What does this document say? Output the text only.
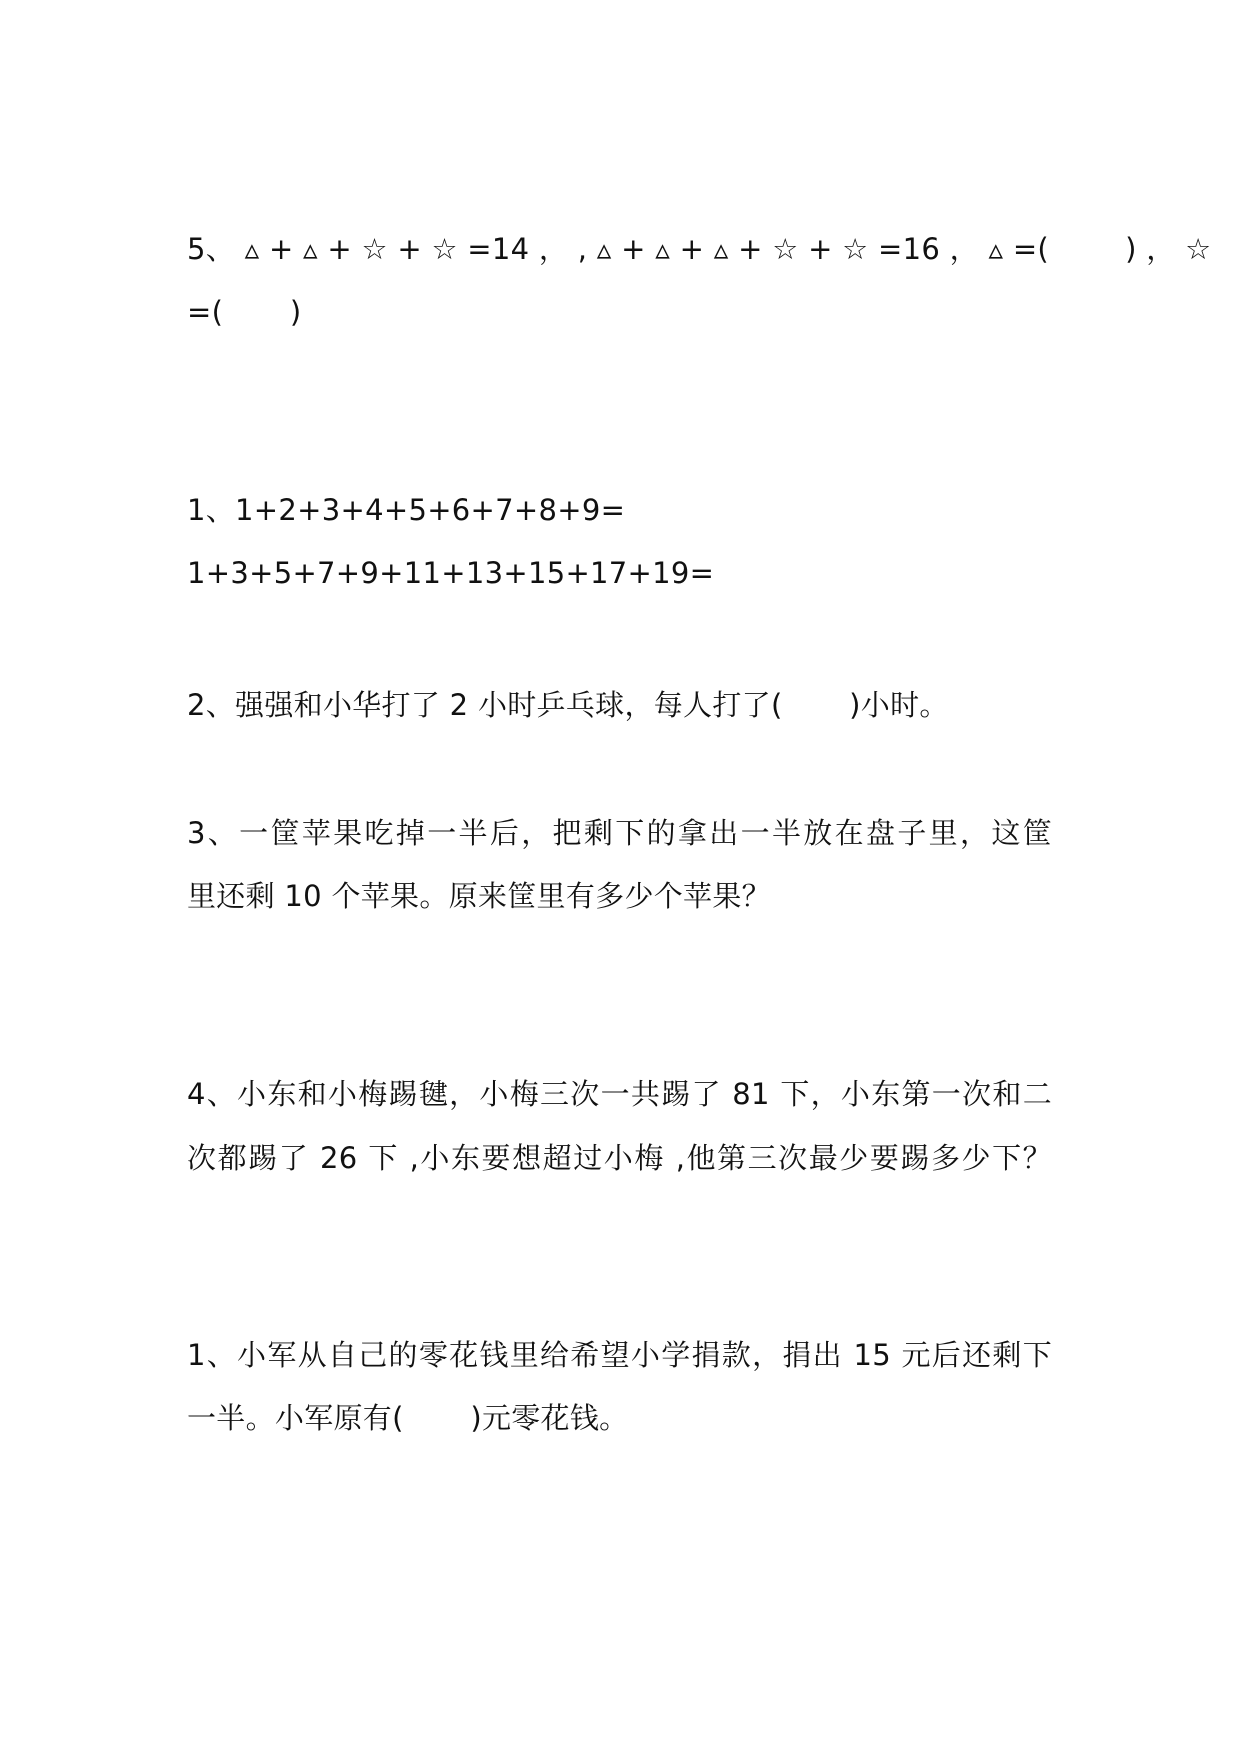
5、 ▵ + ▵ + ☆ + ☆ =14 ， , ▵ + ▵ + ▵ + ☆ + ☆ =16 ， ▵ =(        ) ， ☆
=(       )
1、1+2+3+4+5+6+7+8+9=
1+3+5+7+9+11+13+15+17+19=
2、强强和小华打了 2 小时乒乓球，每人打了(       )小时。
3、一筐苹果吃掉一半后，把剩下的拿出一半放在盘子里，这筐
里还剩 10 个苹果。原来筐里有多少个苹果？
4、小东和小梅踢毽，小梅三次一共踢了 81 下，小东第一次和二
次都踢了 26 下 ,小东要想超过小梅 ,他第三次最少要踢多少下？
1、小军从自己的零花钱里给希望小学捐款，捐出 15 元后还剩下
一半。小军原有(       )元零花钱。
